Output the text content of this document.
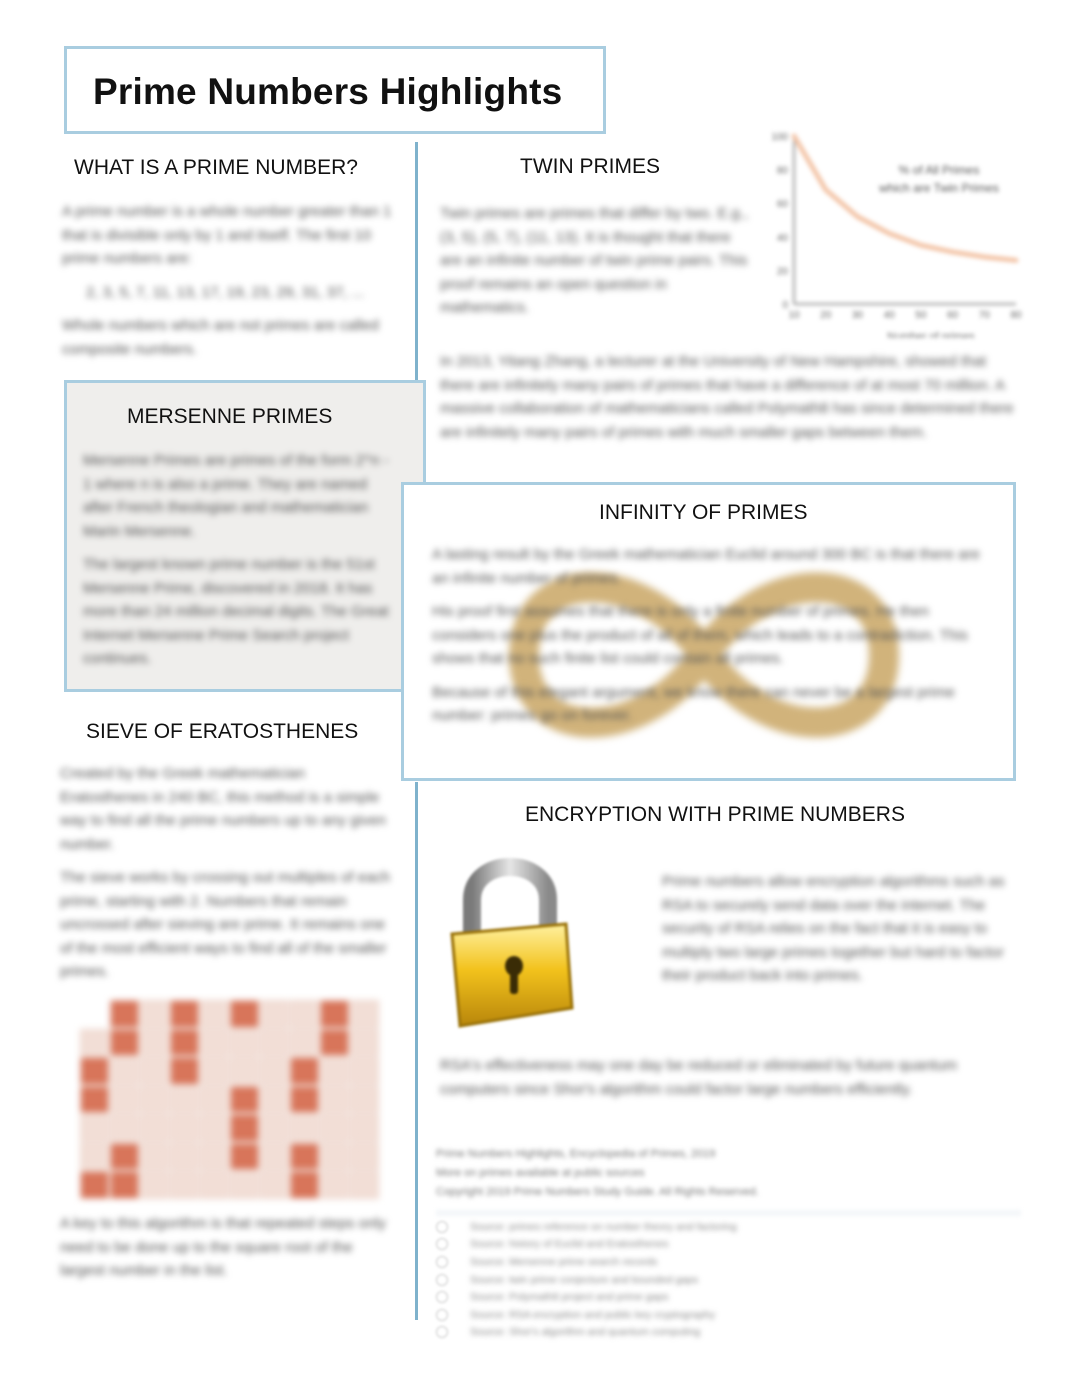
Prime Numbers Highlights
WHAT IS A PRIME NUMBER?

A prime number is a whole number greater than 1 that is divisible only by 1 and itself. The first 10 prime numbers are:

2, 3, 5, 7, 11, 13, 17, 19, 23, 29, 31, 37, ...

Whole numbers which are not primes are called composite numbers.

TWIN PRIMES

Twin primes are primes that differ by two. E.g., (3, 5), (5, 7), (11, 13). It is thought that there are an infinite number of twin prime pairs. This proof remains an open question in mathematics.

In 2013, Yitang Zhang, a lecturer at the University of New Hampshire, showed that there are infinitely many pairs of primes that have a difference of at most 70 million. A massive collaboration of mathematicians called Polymath8 has since determined there are infinitely many pairs of primes with much smaller gaps between them.

0
20
40
60
80
100
10 20 30 40 50 60 70 80
% of All Primes
which are Twin Primes
Number of primes
MERSENNE PRIMES

Mersenne Primes are primes of the form 2^n - 1 where n is also a prime. They are named after French theologian and mathematician Marin Mersenne.

The largest known prime number is the 51st Mersenne Prime, discovered in 2018. It has more than 24 million decimal digits. The Great Internet Mersenne Prime Search project continues.

INFINITY OF PRIMES

A lasting result by the Greek mathematician Euclid around 300 BC is that there are an infinite number of primes.

His proof first assumes that there is only a finite number of primes. He then considers one plus the product of all of them, which leads to a contradiction. This shows that no such finite list could contain all primes.

Because of this elegant argument, we know there can never be a largest prime number: primes go on forever.

SIEVE OF ERATOSTHENES

Created by the Greek mathematician Eratosthenes in 240 BC, this method is a simple way to find all the prime numbers up to any given number.

The sieve works by crossing out multiples of each prime, starting with 2. Numbers that remain uncrossed after sieving are prime. It remains one of the most efficient ways to find all of the smaller primes.

A key to this algorithm is that repeated steps only need to be done up to the square root of the largest number in the list.

ENCRYPTION WITH PRIME NUMBERS

Prime numbers allow encryption algorithms such as RSA to securely send data over the internet. The security of RSA relies on the fact that it is easy to multiply two large primes together but hard to factor their product back into primes.

RSA's effectiveness may one day be reduced or eliminated by future quantum computers since Shor's algorithm could factor large numbers efficiently.

Prime Numbers Highlights, Encyclopedia of Primes, 2019
More on primes available at public sources
Copyright 2019 Prime Numbers Study Guide. All Rights Reserved.
Source: primes reference on number theory and factoring
Source: history of Euclid and Eratosthenes
Source: Mersenne prime search records
Source: twin prime conjecture and bounded gaps
Source: Polymath8 project and prime gaps
Source: RSA encryption and public key cryptography
Source: Shor's algorithm and quantum computing
